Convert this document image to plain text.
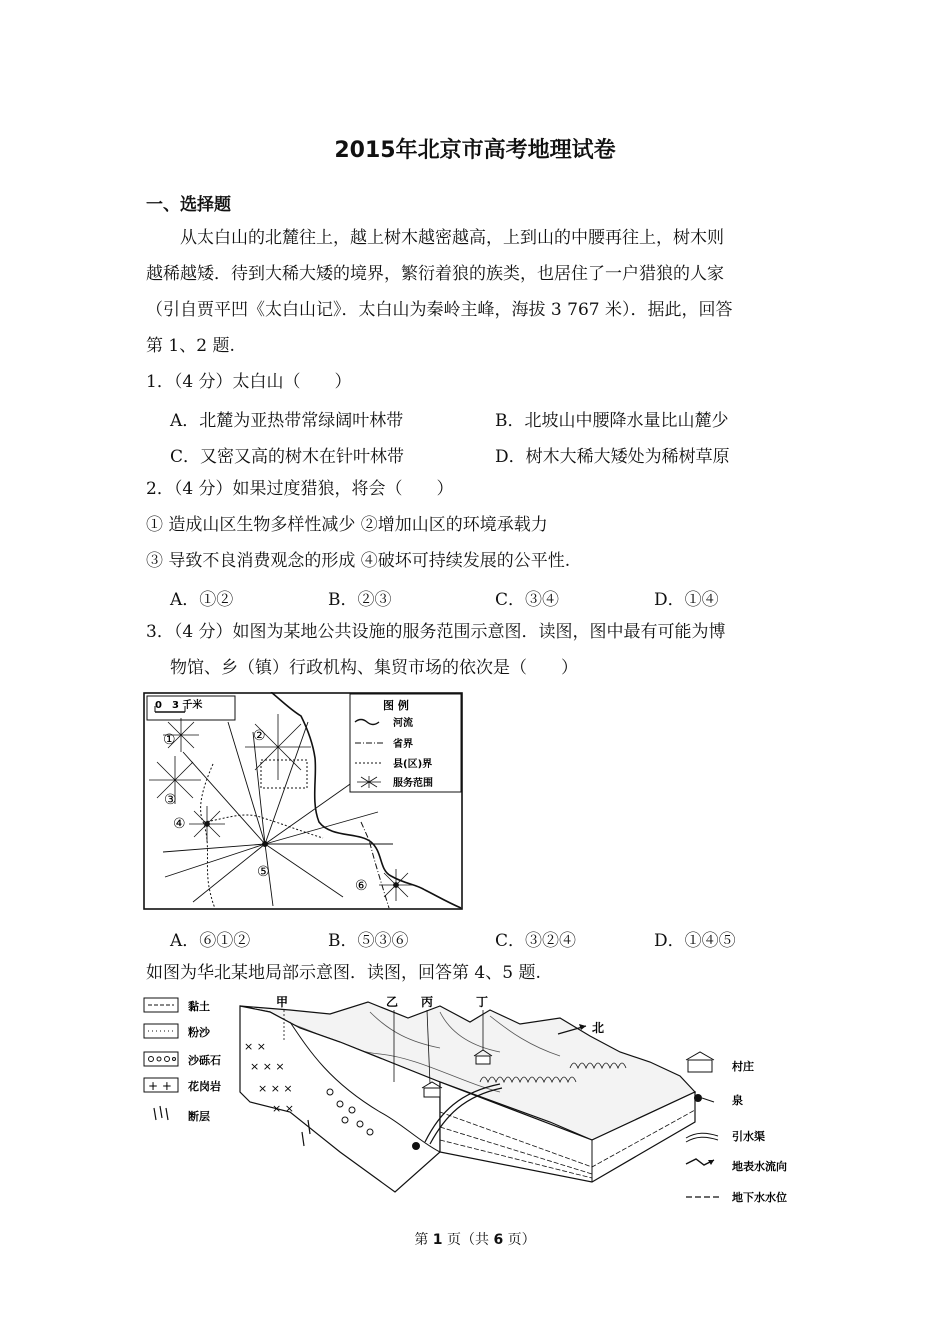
2015年北京市高考地理试卷
一、选择题
从太白山的北麓往上，越上树木越密越高，上到山的中腰再往上，树木则
越稀越矮．待到大稀大矮的境界，繁衍着狼的族类，也居住了一户猎狼的人家
（引自贾平凹《太白山记》．太白山为秦岭主峰，海拔 3 767 米）．据此，回答
第 1、2 题.
1．（4 分）太白山（　　）
A．北麓为亚热带常绿阔叶林带	B．北坡山中腰降水量比山麓少
C．又密又高的树木在针叶林带	D．树木大稀大矮处为稀树草原
2．（4 分）如果过度猎狼，将会（　　）
① 造成山区生物多样性减少 ②增加山区的环境承载力
③ 导致不良消费观念的形成 ④破坏可持续发展的公平性.
A．①②	B．②③	C．③④	D．①④
3．（4 分）如图为某地公共设施的服务范围示意图．读图，图中最有可能为博
物馆、乡（镇）行政机构、集贸市场的依次是（　　）
0　3 千米
①	②
③
④
⑤
⑥
图 例
河流
省界
县(区)界
服务范围
A．⑥①②	B．⑤③⑥	C．③②④	D．①④⑤
如图为华北某地局部示意图．读图，回答第 4、5 题.
黏土
粉沙
沙砾石
+ + 花岗岩
断层
× ×
× × ×
× × ×
× ×
甲	乙 丙	丁
北
村庄
泉
引水渠
地表水流向
地下水水位
第 1 页（共 6 页）
